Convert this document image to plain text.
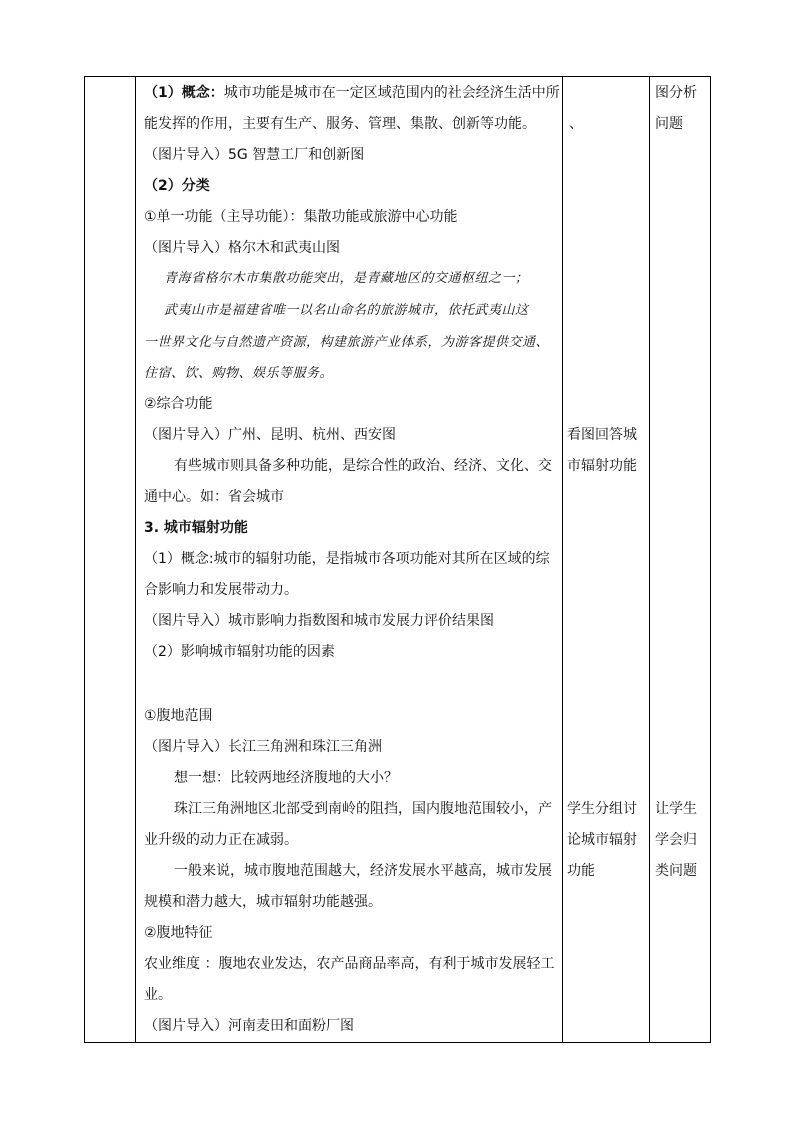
（1）概念：城市功能是城市在一定区域范围内的社会经济生活中所
能发挥的作用，主要有生产、服务、管理、集散、创新等功能。
（图片导入）5G 智慧工厂和创新图
（2）分类
①单一功能（主导功能）：集散功能或旅游中心功能
（图片导入）格尔木和武夷山图
青海省格尔木市集散功能突出，是青藏地区的交通枢纽之一；
武夷山市是福建省唯一以名山命名的旅游城市，依托武夷山这
一世界文化与自然遗产资源，构建旅游产业体系，为游客提供交通、
住宿、饮、购物、娱乐等服务。
②综合功能
（图片导入）广州、昆明、杭州、西安图
有些城市则具备多种功能，是综合性的政治、经济、文化、交
通中心。如：省会城市
3. 城市辐射功能
（1）概念:城市的辐射功能，是指城市各项功能对其所在区域的综
合影响力和发展带动力。
（图片导入）城市影响力指数图和城市发展力评价结果图
（2）影响城市辐射功能的因素
①腹地范围
（图片导入）长江三角洲和珠江三角洲
想一想：比较两地经济腹地的大小？
珠江三角洲地区北部受到南岭的阻挡，国内腹地范围较小，产
业升级的动力正在减弱。
一般来说，城市腹地范围越大，经济发展水平越高，城市发展
规模和潜力越大，城市辐射功能越强。
②腹地特征
农业维度 ：腹地农业发达，农产品商品率高，有利于城市发展轻工
业。
（图片导入）河南麦田和面粉厂图
、
看图回答城
市辐射功能
学生分组讨
论城市辐射
功能
图分析
问题
让学生
学会归
类问题
